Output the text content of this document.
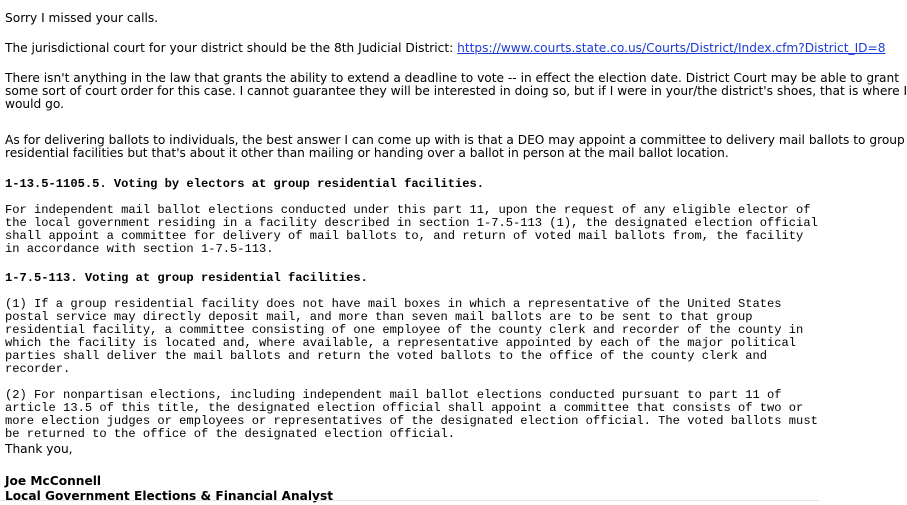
Sorry I missed your calls.
The jurisdictional court for your district should be the 8th Judicial District: https://www.courts.state.co.us/Courts/District/Index.cfm?District_ID=8
There isn't anything in the law that grants the ability to extend a deadline to vote -- in effect the election date. District Court may be able to grant
some sort of court order for this case. I cannot guarantee they will be interested in doing so, but if I were in your/the district's shoes, that is where I
would go.
As for delivering ballots to individuals, the best answer I can come up with is that a DEO may appoint a committee to delivery mail ballots to group
residential facilities but that's about it other than mailing or handing over a ballot in person at the mail ballot location.
1-13.5-1105.5. Voting by electors at group residential facilities.
For independent mail ballot elections conducted under this part 11, upon the request of any eligible elector of
the local government residing in a facility described in section 1-7.5-113 (1), the designated election official
shall appoint a committee for delivery of mail ballots to, and return of voted mail ballots from, the facility
in accordance with section 1-7.5-113.
1-7.5-113. Voting at group residential facilities.
(1) If a group residential facility does not have mail boxes in which a representative of the United States
postal service may directly deposit mail, and more than seven mail ballots are to be sent to that group
residential facility, a committee consisting of one employee of the county clerk and recorder of the county in
which the facility is located and, where available, a representative appointed by each of the major political
parties shall deliver the mail ballots and return the voted ballots to the office of the county clerk and
recorder.
(2) For nonpartisan elections, including independent mail ballot elections conducted pursuant to part 11 of
article 13.5 of this title, the designated election official shall appoint a committee that consists of two or
more election judges or employees or representatives of the designated election official. The voted ballots must
be returned to the office of the designated election official.
Thank you,
Joe McConnell
Local Government Elections & Financial Analyst
